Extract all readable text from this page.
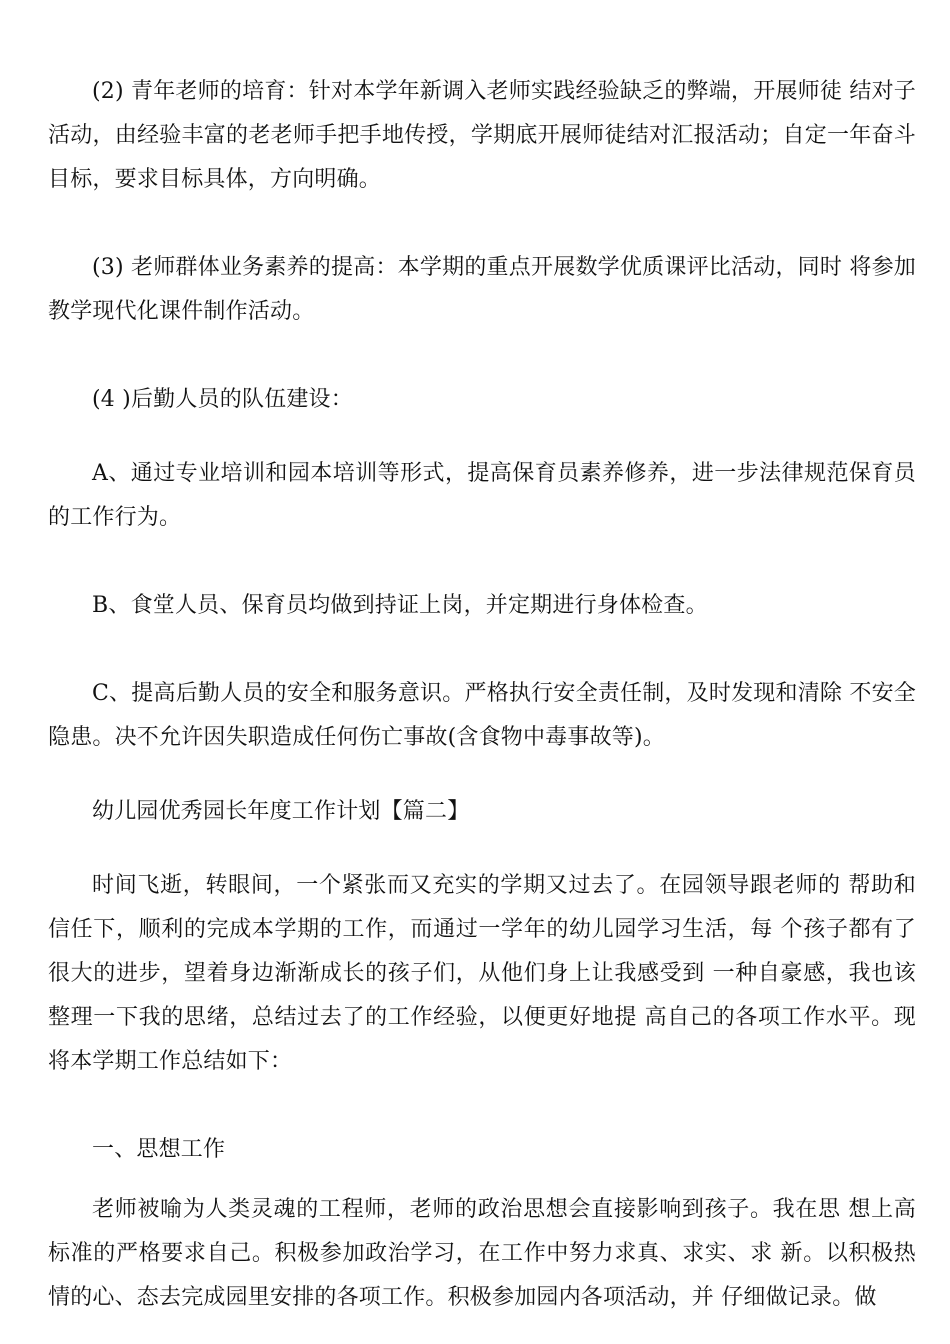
(2) 青年老师的培育：针对本学年新调入老师实践经验缺乏的弊端，开展师徒 结对子活动，由经验丰富的老老师手把手地传授，学期底开展师徒结对汇报活动；自定一年奋斗目标，要求目标具体，方向明确。

(3) 老师群体业务素养的提高：本学期的重点开展数学优质课评比活动，同时 将参加教学现代化课件制作活动。

(4 )后勤人员的队伍建设：

A、通过专业培训和园本培训等形式，提高保育员素养修养，进一步法律规范保育员的工作行为。

B、食堂人员、保育员均做到持证上岗，并定期进行身体检查。

C、提高后勤人员的安全和服务意识。严格执行安全责任制，及时发现和清除 不安全隐患。决不允许因失职造成任何伤亡事故(含食物中毒事故等)。

幼儿园优秀园长年度工作计划【篇二】

时间飞逝，转眼间，一个紧张而又充实的学期又过去了。在园领导跟老师的 帮助和信任下，顺利的完成本学期的工作，而通过一学年的幼儿园学习生活，每 个孩子都有了很大的进步，望着身边渐渐成长的孩子们，从他们身上让我感受到 一种自豪感，我也该整理一下我的思绪，总结过去了的工作经验，以便更好地提 高自己的各项工作水平。现将本学期工作总结如下：

一、思想工作

老师被喻为人类灵魂的工程师，老师的政治思想会直接影响到孩子。我在思 想上高标准的严格要求自己。积极参加政治学习，在工作中努力求真、求实、求 新。以积极热情的心、态去完成园里安排的各项工作。积极参加园内各项活动，并 仔细做记录。做
